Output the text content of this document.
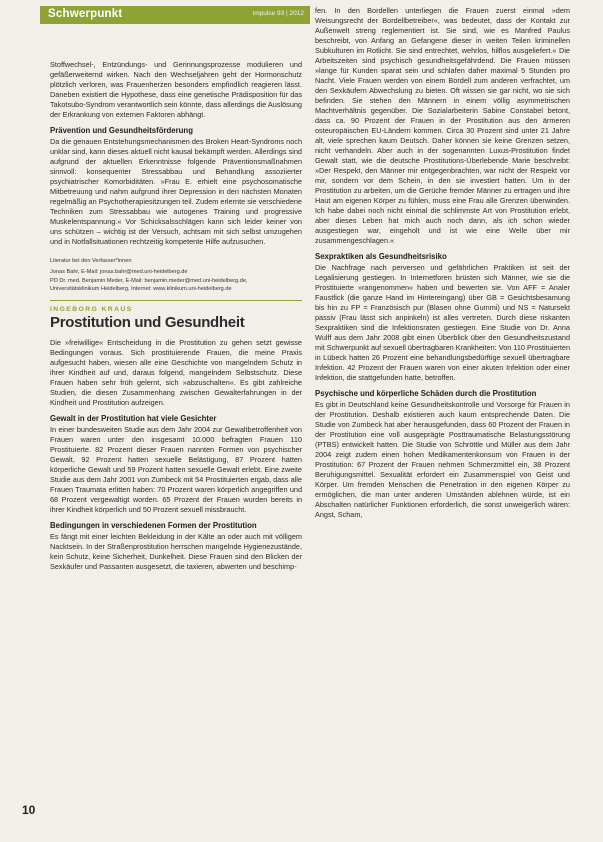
Schwerpunkt	impulse 93 | 2012

Stoffwechsel-, Entzündungs- und Gerinnungsprozesse modulieren und gefäßerweiternd wirken. Nach den Wechseljahren geht der Hormonschutz plötzlich verloren, was Frauenherzen besonders empfindlich reagieren lässt. Daneben existiert die Hypothese, dass eine genetische Prädisposition für das Takotsubo-Syndrom verantwortlich sein könnte, dass allerdings die Auslösung der Erkrankung von externen Faktoren abhängt.

Prävention und Gesundheitsförderung

Da die genauen Entstehungsmechanismen des Broken Heart-Syndroms noch unklar sind, kann dieses aktuell nicht kausal bekämpft werden. Allerdings sind aufgrund der aktuellen Erkenntnisse folgende Präventionsmaßnahmen sinnvoll: konsequenter Stressabbau und Behandlung assoziierter psychiatrischer Komorbiditäten. »Frau E. erhielt eine psychosomatische Mitbetreuung und nahm aufgrund ihrer Depression in den nächsten Monaten regelmäßig an Psychotherapiesitzungen teil. Zudem erlernte sie verschiedene Techniken zum Stressabbau wie autogenes Training und progressive Muskelentspannung.« Vor Schicksalsschlägen kann sich leider keiner von uns schützen – wichtig ist der Versuch, achtsam mit sich selbst umzugehen und in Notfallsituationen rechtzeitig kompetente Hilfe aufzusuchen.

Literatur bei den Verfasser*innen
Jonas Bahr, E-Mail: jonas.bahr@med.uni-heidelberg.de
PD Dr. med. Benjamin Meder, E-Mail: benjamin.meder@med.uni-heidelberg.de,
Universitätsklinikum Heidelberg, Internet: www.klinikum.uni-heidelberg.de
INGEBORG KRAUS
Prostitution und Gesundheit

Die »freiwillige« Entscheidung in die Prostitution zu gehen setzt gewisse Bedingungen voraus. Sich prostituierende Frauen, die meine Praxis aufgesucht haben, wiesen alle eine Geschichte von mangelndem Schutz in ihrer Kindheit auf und, daraus folgend, mangelndem Selbstschutz. Diese Frauen haben sehr früh gelernt, sich »abzuschalten«. Es gibt zahlreiche Studien, die diesen Zusammenhang zwischen Gewalterfahrungen in der Kindheit und Prostitution aufzeigen.

Gewalt in der Prostitution hat viele Gesichter

In einer bundesweiten Studie aus dem Jahr 2004 zur Gewaltbetroffenheit von Frauen waren unter den insgesamt 10.000 befragten Frauen 110 Prostituierte. 82 Prozent dieser Frauen nannten Formen von psychischer Gewalt, 92 Prozent hatten sexuelle Belästigung, 87 Prozent hatten körperliche Gewalt und 59 Prozent hatten sexuelle Gewalt erlebt. Eine zweite Studie aus dem Jahr 2001 von Zumbeck mit 54 Prostituierten ergab, dass alle Frauen Traumata erlitten haben: 70 Prozent waren körperlich angegriffen und 68 Prozent vergewaltigt worden. 65 Prozent der Frauen wurden bereits in ihrer Kindheit körperlich und 50 Prozent sexuell missbraucht.

Bedingungen in verschiedenen Formen der Prostitution

Es fängt mit einer leichten Bekleidung in der Kälte an oder auch mit völligem Nacktsein. In der Straßenprostitution herrschen mangelnde Hygienezustände, kein Schutz, keine Sicherheit, Dunkelheit. Diese Frauen sind den Blicken der Sexkäufer und Passanten ausgesetzt, die taxieren, abwerten und beschimp-

fen. In den Bordellen unterliegen die Frauen zuerst einmal »dem Weisungsrecht der Bordellbetreiber«, was bedeutet, dass der Kontakt zur Außenwelt streng reglementiert ist. Sie sind, wie es Manfred Paulus beschreibt, von Anfang an Gefangene dieser in weiten Teilen kriminellen Subkulturen im Rotlicht. Sie sind entrechtet, wehrlos, hilflos ausgeliefert.« Die Arbeitszeiten sind psychisch gesundheitsgefährdend. Die Frauen müssen »lange für Kunden sparat sein und schlafen daher maximal 5 Stunden pro Nacht. Viele Frauen werden von einem Bordell zum anderen verfrachtet, um den Sexkäufern Abwechslung zu bieten. Oft wissen sie gar nicht, wo sie sich befinden. Sie stehen den Männern in einem völlig asymmetrischen Machtverhältnis gegenüber. Die Sozialarbeiterin Sabine Constabel betont, dass ca. 90 Prozent der Frauen in der Prostitution aus den ärmeren osteuropäischen EU-Ländern kommen. Circa 30 Prozent sind unter 21 Jahre alt, viele sprechen kaum Deutsch. Daher können sie keine Grenzen setzen, nicht verhandeln. Aber auch in der sogenannten Luxus-Prostitution findet Gewalt statt, wie die deutsche Prostitutions-Überlebende Marie beschreibt: »Der Respekt, den Männer mir entgegenbrachten, war nicht der Respekt vor mir, sondern vor dem Schein, in den sie investiert hatten. Um in der Prostitution zu arbeiten, um die Gerüche fremder Männer zu ertragen und ihre Haut am eigenen Körper zu fühlen, muss eine Frau alle Grenzen überwinden. Ich habe dabei noch nicht einmal die schlimmste Art von Prostitution erlebt, aber dieses Leben hat mich auch noch dann, als ich schon wieder ausgestiegen war, eingeholt und ist wie eine Welle über mir zusammengeschlagen.«

Sexpraktiken als Gesundheitsrisiko

Die Nachfrage nach perversen und gefährlichen Praktiken ist seit der Legalisierung gestiegen. In Internetforen brüsten sich Männer, wie sie die Prostituierte »rangenommen« haben und bewerten sie. Von AFF = Analer Faustfick (die ganze Hand im Hintereingang) über GB = Gesichtsbesamung bis hin zu FP = Französisch pur (Blasen ohne Gummi) und NS = Natursekt passiv (Frau lässt sich anpinkeln) ist alles vertreten. Durch diese riskanten Sexpraktiken sind die Infektionsraten gestiegen. Eine Studie von Dr. Anna Wulff aus dem Jahr 2008 gibt einen Überblick über den Gesundheitszustand mit Schwerpunkt auf sexuell übertragbaren Krankheiten: Von 110 Prostituierten in Lübeck hatten 26 Prozent eine behandlungsbedürftige sexuell übertragbare Infektion. 42 Prozent der Frauen waren von einer akuten Infektion oder einer Infektion, die stattgefunden hatte, betroffen.

Psychische und körperliche Schäden durch die Prostitution

Es gibt in Deutschland keine Gesundheitskontrolle und Vorsorge für Frauen in der Prostitution. Deshalb existieren auch kaum entsprechende Daten. Die Studie von Zumbeck hat aber herausgefunden, dass 60 Prozent der Frauen in der Prostitution eine voll ausgeprägte Posttraumatische Belastungsstörung (PTBS) entwickelt hatten. Die Studie von Schröttle und Müller aus dem Jahr 2004 zeigt zudem einen hohen Medikamentenkonsum von Frauen in der Prostitution: 67 Prozent der Frauen nehmen Schmerzmittel ein, 38 Prozent Beruhigungsmittel. Sexualität erfordert ein Zusammenspiel von Geist und Körper. Um fremden Menschen die Penetration in den eigenen Körper zu ermöglichen, die man unter anderen Umständen ablehnen würde, ist ein Abschalten natürlicher Funktionen erforderlich, die sonst unweigerlich wären: Angst, Scham,

10
